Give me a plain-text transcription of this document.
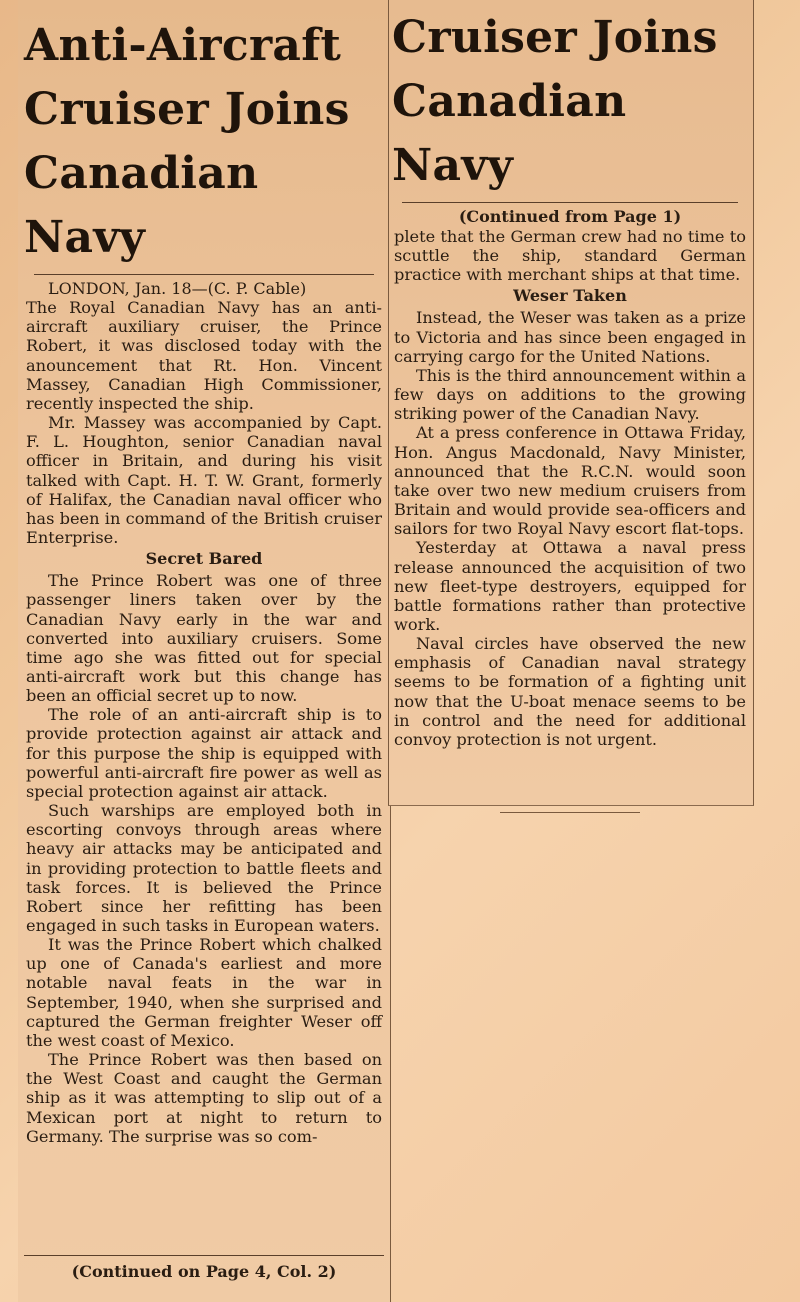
Anti-Aircraft
Cruiser Joins
Canadian Navy

LONDON, Jan. 18—(C. P. Cable)

The Royal Canadian Navy has an anti-aircraft auxiliary cruiser, the Prince Robert, it was disclosed today with the anouncement that Rt. Hon. Vincent Massey, Canadian High Commissioner, recently inspected the ship.

Mr. Massey was accompanied by Capt. F. L. Houghton, senior Canadian naval officer in Britain, and during his visit talked with Capt. H. T. W. Grant, formerly of Halifax, the Canadian naval officer who has been in command of the British cruiser Enterprise.

Secret Bared

The Prince Robert was one of three passenger liners taken over by the Canadian Navy early in the war and converted into auxiliary cruisers. Some time ago she was fitted out for special anti-aircraft work but this change has been an official secret up to now.

The role of an anti-aircraft ship is to provide protection against air attack and for this purpose the ship is equipped with powerful anti-aircraft fire power as well as special protection against air attack.

Such warships are employed both in escorting convoys through areas where heavy air attacks may be anticipated and in providing protection to battle fleets and task forces. It is believed the Prince Robert since her refitting has been engaged in such tasks in European waters.

It was the Prince Robert which chalked up one of Canada's earliest and more notable naval feats in the war in September, 1940, when she surprised and captured the German freighter Weser off the west coast of Mexico.

The Prince Robert was then based on the West Coast and caught the German ship as it was attempting to slip out of a Mexican port at night to return to Germany. The surprise was so com-

(Continued on Page 4, Col. 2)
Cruiser Joins
Canadian Navy
(Continued from Page 1)

plete that the German crew had no time to scuttle the ship, standard German practice with merchant ships at that time.

Weser Taken

Instead, the Weser was taken as a prize to Victoria and has since been engaged in carrying cargo for the United Nations.

This is the third announcement within a few days on additions to the growing striking power of the Canadian Navy.

At a press conference in Ottawa Friday, Hon. Angus Macdonald, Navy Minister, announced that the R.C.N. would soon take over two new medium cruisers from Britain and would provide sea-officers and sailors for two Royal Navy escort flat-tops.

Yesterday at Ottawa a naval press release announced the acquisition of two new fleet-type destroyers, equipped for battle formations rather than protective work.

Naval circles have observed the new emphasis of Canadian naval strategy seems to be formation of a fighting unit now that the U-boat menace seems to be in control and the need for additional convoy protection is not urgent.
